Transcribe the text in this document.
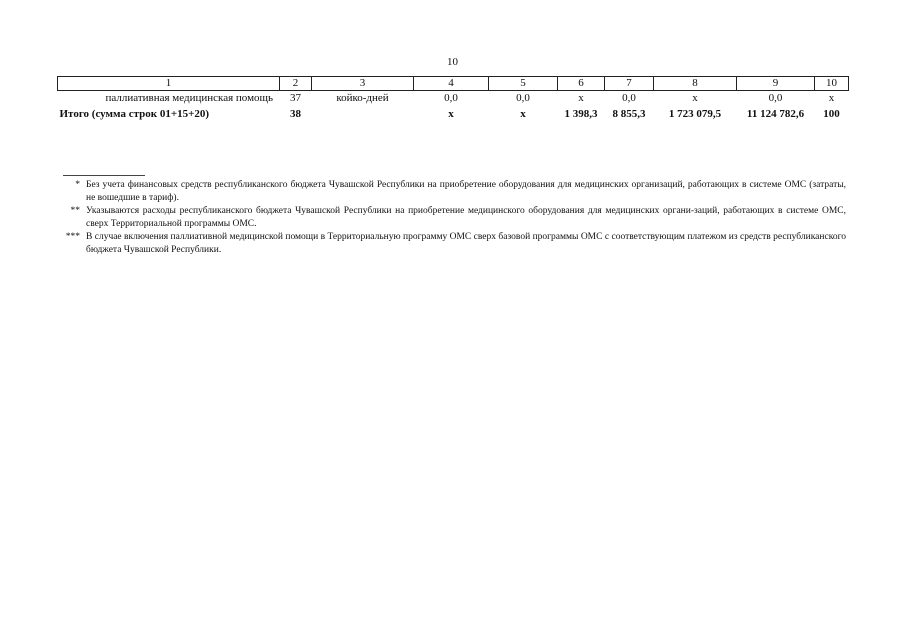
10
1	2	3	4	5	6	7	8	9	10
паллиативная медицинская помощь	37	койко-дней	0,0	0,0	х	0,0	х	0,0	х
Итого (сумма строк 01+15+20)	38		х	х	1 398,3	8 855,3	1 723 079,5	11 124 782,6	100
* Без учета финансовых средств республиканского бюджета Чувашской Республики на приобретение оборудования для медицинских организаций, работающих в системе ОМС (затраты, не вошедшие в тариф).
** Указываются расходы республиканского бюджета Чувашской Республики на приобретение медицинского оборудования для медицинских органи-заций, работающих в системе ОМС, сверх Территориальной программы ОМС.
*** В случае включения паллиативной медицинской помощи в Территориальную программу ОМС сверх базовой программы ОМС с соответствующим платежом из средств республиканского бюджета Чувашской Республики.
